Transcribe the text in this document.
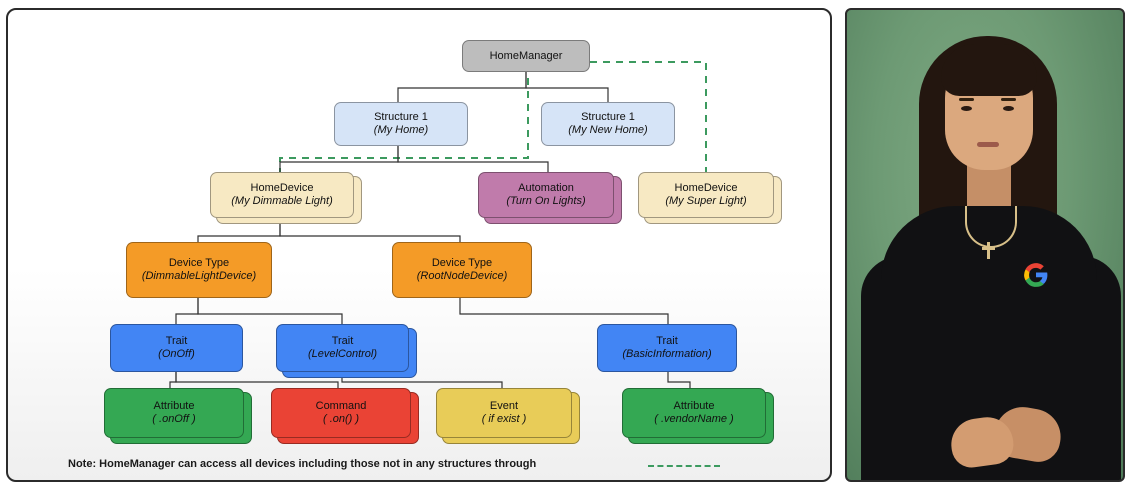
HomeManager
Structure 1
(My Home)
Structure 1
(My New Home)
HomeDevice
(My Dimmable Light)
Automation
(Turn On Lights)
HomeDevice
(My Super Light)
Device Type
(DimmableLightDevice)
Device Type
(RootNodeDevice)
Trait
(OnOff)
Trait
(LevelControl)
Trait
(BasicInformation)
Attribute
( .onOff )
Command
( .on() )
Event
( if exist )
Attribute
( .vendorName )
Note: HomeManager can access all devices including those not in any structures through
